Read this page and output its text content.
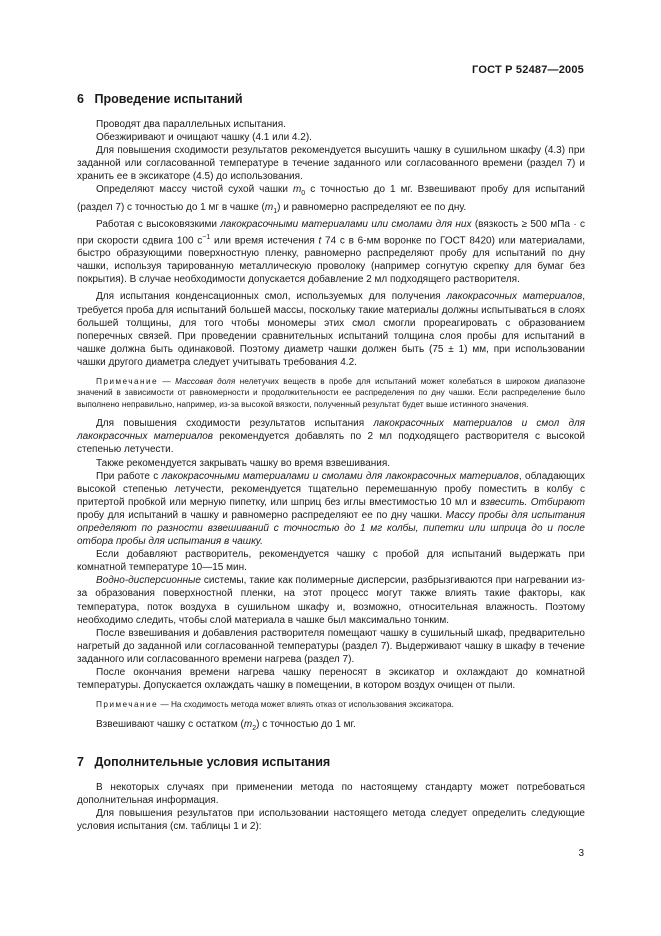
ГОСТ Р 52487—2005
6 Проведение испытаний

Проводят два параллельных испытания.

Обезжиривают и очищают чашку (4.1 или 4.2).

Для повышения сходимости результатов рекомендуется высушить чашку в сушильном шкафу (4.3) при заданной или согласованной температуре в течение заданного или согласованного времени (раздел 7) и хранить ее в эксикаторе (4.5) до использования.

Определяют массу чистой сухой чашки $m_0$ с точностью до 1 мг. Взвешивают пробу для испытаний (раздел 7) с точностью до 1 мг в чашке $(m_1)$ и равномерно распределяют ее по дну.

Работая с высоковязкими лакокрасочными материалами или смолами для них (вязкость ≥ 500 мПа · с при скорости сдвига 100 $с^{-1}$ или время истечения t 74 с в 6-мм воронке по ГОСТ 8420) или материалами, быстро образующими поверхностную пленку, равномерно распределяют пробу для испытаний по дну чашки, используя тарированную металлическую проволоку (например согнутую скрепку для бумаг без покрытия). В случае необходимости допускается добавление 2 мл подходящего растворителя.

Для испытания конденсационных смол, используемых для получения лакокрасочных материалов, требуется проба для испытаний большей массы, поскольку такие материалы должны испытываться в слоях большей толщины, для того чтобы мономеры этих смол смогли прореагировать с образованием поперечных связей. При проведении сравнительных испытаний толщина слоя пробы для испытаний в чашке должна быть одинаковой. Поэтому диаметр чашки должен быть (75 ± 1) мм, при использовании чашки другого диаметра следует учитывать требования 4.2.

Примечание — Массовая доля нелетучих веществ в пробе для испытаний может колебаться в широком диапазоне значений в зависимости от равномерности и продолжительности ее распределения по дну чашки. Если распределение было выполнено неправильно, например, из-за высокой вязкости, полученный результат будет выше истинного значения.

Для повышения сходимости результатов испытания лакокрасочных материалов и смол для лакокрасочных материалов рекомендуется добавлять по 2 мл подходящего растворителя с высокой степенью летучести.

Также рекомендуется закрывать чашку во время взвешивания.

При работе с лакокрасочными материалами и смолами для лакокрасочных материалов, обладающих высокой степенью летучести, рекомендуется тщательно перемешанную пробу поместить в колбу с притертой пробкой или мерную пипетку, или шприц без иглы вместимостью 10 мл и взвесить. Отбирают пробу для испытаний в чашку и равномерно распределяют ее по дну чашки. Массу пробы для испытания определяют по разности взвешиваний с точностью до 1 мг колбы, пипетки или шприца до и после отбора пробы для испытания в чашку.

Если добавляют растворитель, рекомендуется чашку с пробой для испытаний выдержать при комнатной температуре 10—15 мин.

Водно-дисперсионные системы, такие как полимерные дисперсии, разбрызгиваются при нагревании из-за образования поверхностной пленки, на этот процесс могут также влиять такие факторы, как температура, поток воздуха в сушильном шкафу и, возможно, относительная влажность. Поэтому необходимо следить, чтобы слой материала в чашке был максимально тонким.

После взвешивания и добавления растворителя помещают чашку в сушильный шкаф, предварительно нагретый до заданной или согласованной температуры (раздел 7). Выдерживают чашку в шкафу в течение заданного или согласованного времени нагрева (раздел 7).

После окончания времени нагрева чашку переносят в эксикатор и охлаждают до комнатной температуры. Допускается охлаждать чашку в помещении, в котором воздух очищен от пыли.

Примечание — На сходимость метода может влиять отказ от использования эксикатора.

Взвешивают чашку с остатком $(m_2)$ с точностью до 1 мг.

7 Дополнительные условия испытания

В некоторых случаях при применении метода по настоящему стандарту может потребоваться дополнительная информация.

Для повышения результатов при использовании настоящего метода следует определить следующие условия испытания (см. таблицы 1 и 2):

3
